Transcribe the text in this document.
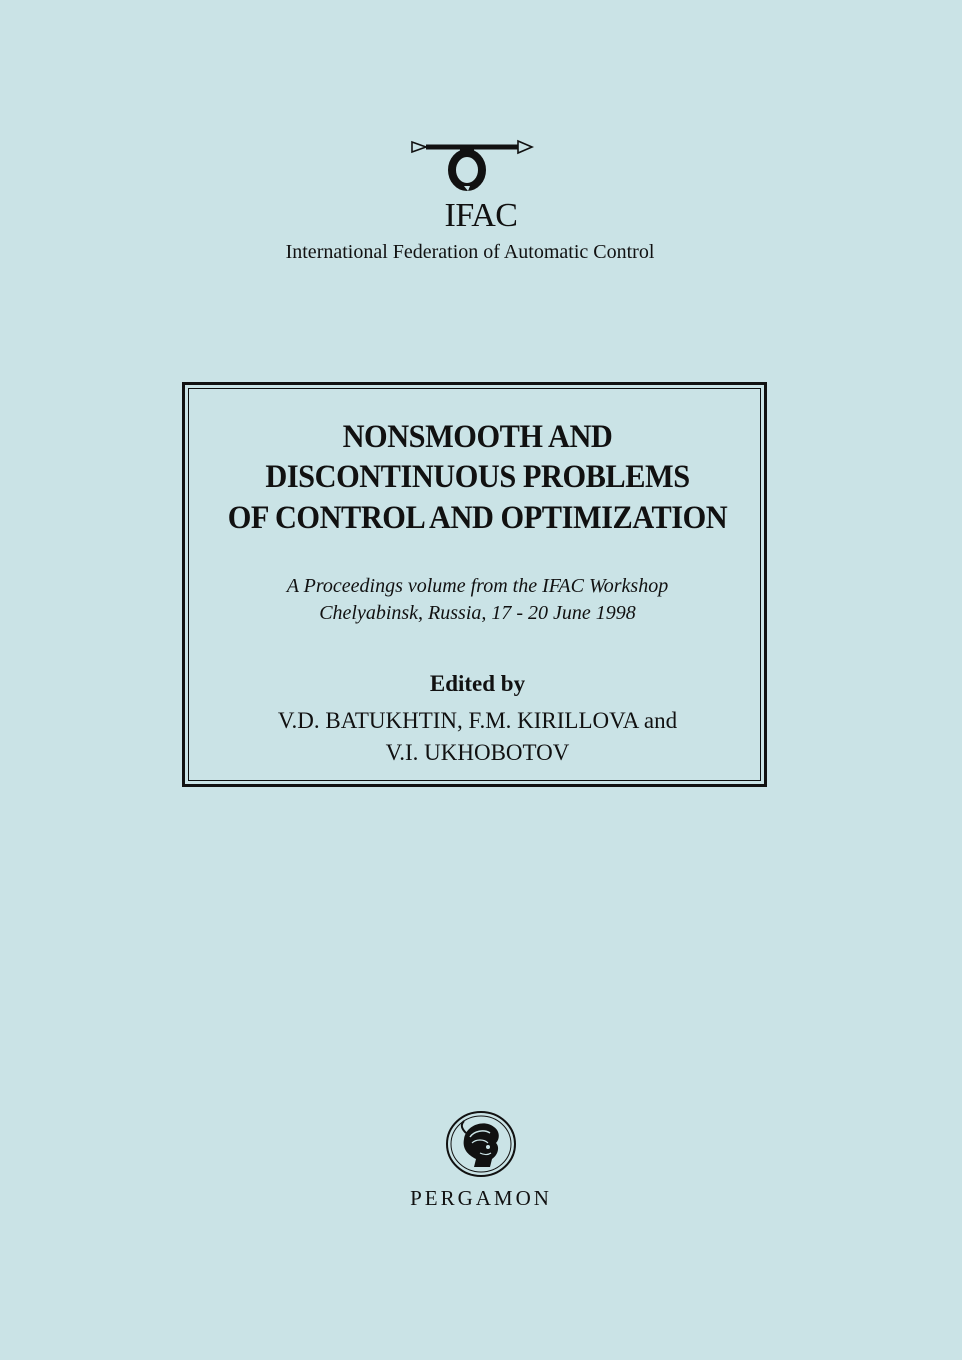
IFAC
International Federation of Automatic Control
NONSMOOTH AND
DISCONTINUOUS PROBLEMS
OF CONTROL AND OPTIMIZATION
A Proceedings volume from the IFAC Workshop
Chelyabinsk, Russia, 17 - 20 June 1998
Edited by
V.D. BATUKHTIN, F.M. KIRILLOVA and
V.I. UKHOBOTOV
PERGAMON
